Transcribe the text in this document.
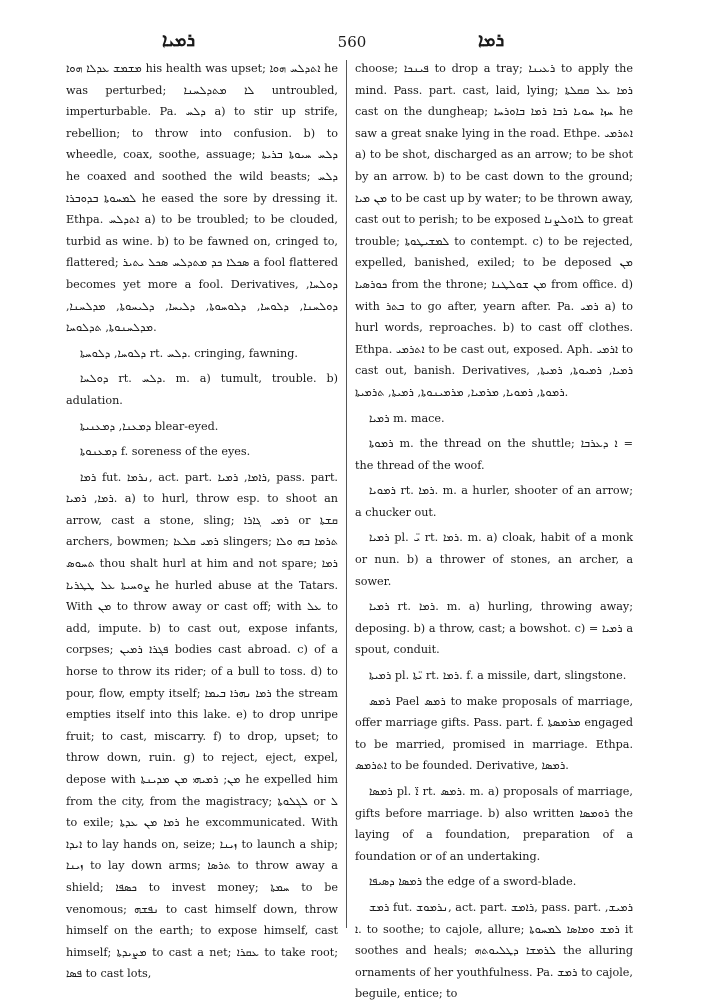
ܪܡܝܐ	560	ܪܡܐ

ܡܫܡܫ ܥܕܠܐ ܗܘܐ his health was upset; ܐܬܕܠܚ ܗܘܐ he was perturbed; ܠܐ ܡܬܕܠܚܢܐ untroubled, imperturbable. Pa. ܕܠܚ a) to stir up strife, rebellion; to throw into confusion. b) to wheedle, coax, soothe, assuage; ܕܠܚ ܚܝܘܬܐ ܒܪܝܬܐ he coaxed and soothed the wild beasts; ܕܠܚ ܠܡܚܘܬܐ ܒܕܘܒܪܐ he eased the sore by dressing it. Ethpa. ܐܬܕܠܚ a) to be troubled; to be clouded, turbid as wine. b) to be fawned on, cringed to, flattered; ܣܟܠܐ ܟܕ ܡܬܕܠܚ ܣܟܠ ܝܬܝܪ a fool flattered becomes yet more a fool. Derivatives, ܕܘܠܚܐ, ܕܘܠܚܢܐ, ܕܠܘܚܐ, ܕܠܘܚܘܬܐ, ܕܠܝܚܐ, ܕܠܝܚܘܬܐ, ܡܕܠܚܢܐ, ܡܕܠܚܢܘܬܐ, ܬܕܠܘܚܐ.

ܕܠܘܚܐ, ܕܠܘܚܬܐ rt. ܕܠܚ. cringing, fawning.

ܕܘܠܚܐ rt. ܕܠܚ. m. a) tumult, trouble. b) adulation.

ܕܡܥܢܐ, ܕܡܥܢܝܬܐ blear-eyed.

ܕܡܥܢܘܬܐ f. soreness of the eyes.

ܪܡܐ fut. ܢܪܡܐ, act. part. ܪܐܡܐ, ܪܡܝܐ, pass. part. ܪܡܐ, ܪܡܝܐ. a) to hurl, throw esp. to shoot an arrow, cast a stone, sling; ܪܡܝ ܓܐܪܐ or ܩܫܬܐ archers, bowmen; ܪܡܝ ܩܠܥܐ slingers; ܬܪܡܐ ܒܗ ܘܠܐ ܬܚܘܣ thou shalt hurl at him and not spare; ܪܡܐ ܨܘܚܝܬܐ ܥܠ ܛܛܪܝܐ he hurled abuse at the Tatars. With ܡܢ to throw away or cast off; with ܥܠ to add, impute. b) to cast out, expose infants, corpses; ܦܓܪܐ ܪܡܝܢ bodies cast abroad. c) of a horse to throw its rider; of a bull to toss. d) to pour, flow, empty itself; ܪܡܐ ܢܗܪܐ ܒܝܡܐ the stream empties itself into this lake. e) to drop unripe fruit; to cast, miscarry. f) to drop, upset; to throw down, ruin. g) to reject, eject, expel, depose with ܡܢ; ܪܡܝܗܝ ܡܢ ܡܕܝܢܬܐ he expelled him from the city, from the magistracy; ܠܓܠܘܬܐ or ܠ to exile; ܪܡܐ ܡܢ ܥܕܬܐ he excommunicated. With ܐܝܕܐ to lay hands on, seize; ܙܝܢܐ to launch a ship; ܙܝܢܐ to lay down arms; ܬܪܣܐ to throw away a shield; ܟܣܦܐ to invest money; ܚܡܬܐ to be venomous; ܢܦܫܗ to cast himself down, throw himself on the earth; to expose himself, cast himself; ܡܨܝܕܬܐ to cast a net; ܥܩܪܐ to take root; ܦܣܐ to cast lots,

choose; ܦܝܢܟܐ to drop a tray; ܪܥܝܢܐ to apply the mind. Pass. part. cast, laid, lying; ܪܡܐ ܥܠ ܩܩܠܬܐ cast on the dungheap; ܚܙܐ ܚܘܝܐ ܪܒܐ ܪܡܐ ܒܐܘܪܚܐ he saw a great snake lying in the road. Ethpe. ܐܬܪܡܝ a) to be shot, discharged as an arrow; to be shot by an arrow. b) to be cast down to the ground; ܡܢ ܡܝܐ to be cast up by water; to be thrown away, cast out to perish; to be exposed ܠܐܘܠܨܢܐ to great trouble; ܠܡܫܝܛܘܬܐ to contempt. c) to be rejected, expelled, banished, exiled; to be deposed ܡܢ ܟܘܪܣܝܐ from the throne; ܡܢ ܫܘܠܛܢܐ from office. d) with ܒܬܪ to go after, yearn after. Pa. ܪܡܝ a) to hurl words, reproaches. b) to cast off clothes. Ethpa. ܐܬܪܡܝ to be cast out, exposed. Aph. ܐܪܡܝ to cast out, banish. Derivatives, ܪܡܝܐ, ܪܡܝܘܬܐ, ܪܡܝܬܐ, ܪܡܘܬܐ, ܪܡܘܝܐ, ܡܪܡܝܐ, ܡܪܡܝܢܘܬܐ, ܪܡܝܬܐ, ܬܪܡܝܬܐ.

ܪܡܝܐ m. mace.

ܪܡܘܬܐ m. the thread on the shuttle; ܐ ܕܥܪܒܐ = the thread of the woof.

ܪܡܘܝܐ rt. ܪܡܐ. m. a hurler, shooter of an arrow; a chucker out.

ܪܡܝܐ pl. ܝ̈ rt. ܪܡܐ. m. a) cloak, habit of a monk or nun. b) a thrower of stones, an archer, a sower.

ܪܡܝܐ rt. ܪܡܐ. m. a) hurling, throwing away; deposing. b) a throw, cast; a bowshot. c) = ܪܡܝܐ a spout, conduit.

ܪܡܝܬܐ pl. ܝ̈ܬܐ rt. ܪܡܐ. f. a missile, dart, slingstone.

ܪܡܣ Pael ܪܡܣ to make proposals of marriage, offer marriage gifts. Pass. part. f. ܡܪܡܣܬܐ engaged to be married, promised in marriage. Ethpa. ܐܬܪܡܣ to be founded. Derivative, ܪܡܣܐ.

ܪܡܣܐ pl. ܐ̈ rt. ܪܡܣ. m. a) proposals of marriage, gifts before marriage. b) also written ܪܘܡܣܐ the laying of a foundation, preparation of a foundation or of an undertaking.

ܪܡܣܐ ܕܣܝܦܐ the edge of a sword-blade.

ܪܡܫ fut. ܢܪܡܘܫ, act. part. ܪܐܡܫ, pass. part. ܪܡܝܫ, ܐ. to soothe; to cajole, allure; ܪܡܫ ܘܡܐܣܐ ܠܡܚܘܬܐ it soothes and heals; ܠܪܡܫܐ ܕܛܠܝܘܬܗ the alluring ornaments of her youthfulness. Pa. ܪܡܫ to cajole, beguile, entice; to
